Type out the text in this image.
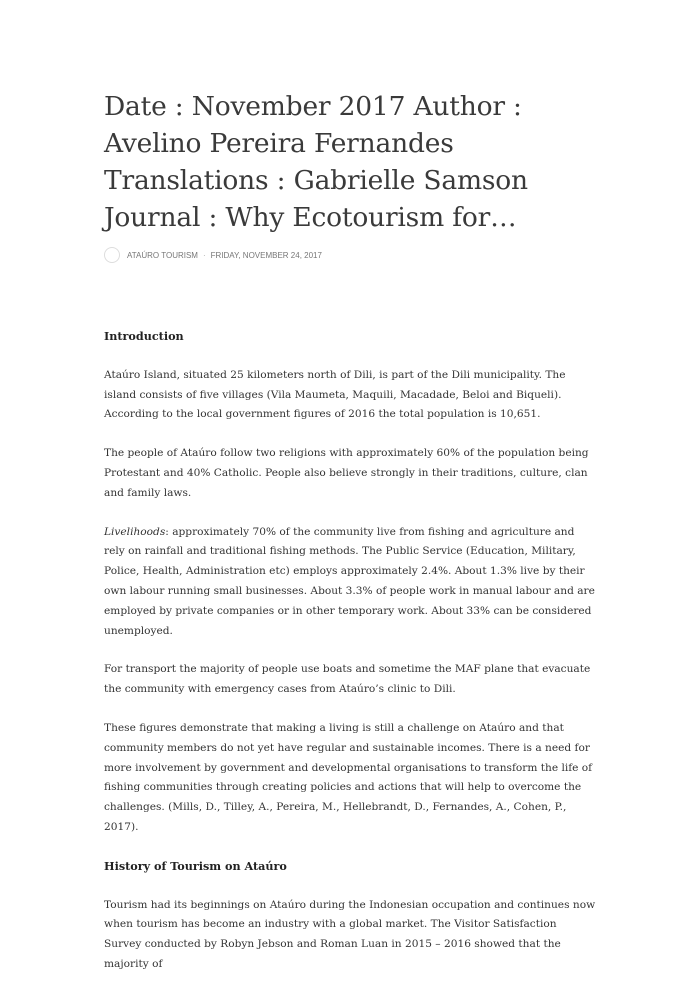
Date : November 2017 Author : Avelino Pereira Fernandes Translations : Gabrielle Samson Journal : Why Ecotourism for…
ATAÚRO TOURISM · FRIDAY, NOVEMBER 24, 2017
Introduction

Ataúro Island, situated 25 kilometers north of Dili, is part of the Dili municipality. The island consists of five villages (Vila Maumeta, Maquili, Macadade, Beloi and Biqueli). According to the local government figures of 2016 the total population is 10,651.

The people of Ataúro follow two religions with approximately 60% of the population being Protestant and 40% Catholic. People also believe strongly in their traditions, culture, clan and family laws.

Livelihoods: approximately 70% of the community live from fishing and agriculture and rely on rainfall and traditional fishing methods. The Public Service (Education, Military, Police, Health, Administration etc) employs approximately 2.4%. About 1.3% live by their own labour running small businesses. About 3.3% of people work in manual labour and are employed by private companies or in other temporary work. About 33% can be considered unemployed.

For transport the majority of people use boats and sometime the MAF plane that evacuate the community with emergency cases from Ataúro’s clinic to Dili.

These figures demonstrate that making a living is still a challenge on Ataúro and that community members do not yet have regular and sustainable incomes. There is a need for more involvement by government and developmental organisations to transform the life of fishing communities through creating policies and actions that will help to overcome the challenges. (Mills, D., Tilley, A., Pereira, M., Hellebrandt, D., Fernandes, A., Cohen, P., 2017).

History of Tourism on Ataúro

Tourism had its beginnings on Ataúro during the Indonesian occupation and continues now when tourism has become an industry with a global market. The Visitor Satisfaction Survey conducted by Robyn Jebson and Roman Luan in 2015 – 2016 showed that the majority of
